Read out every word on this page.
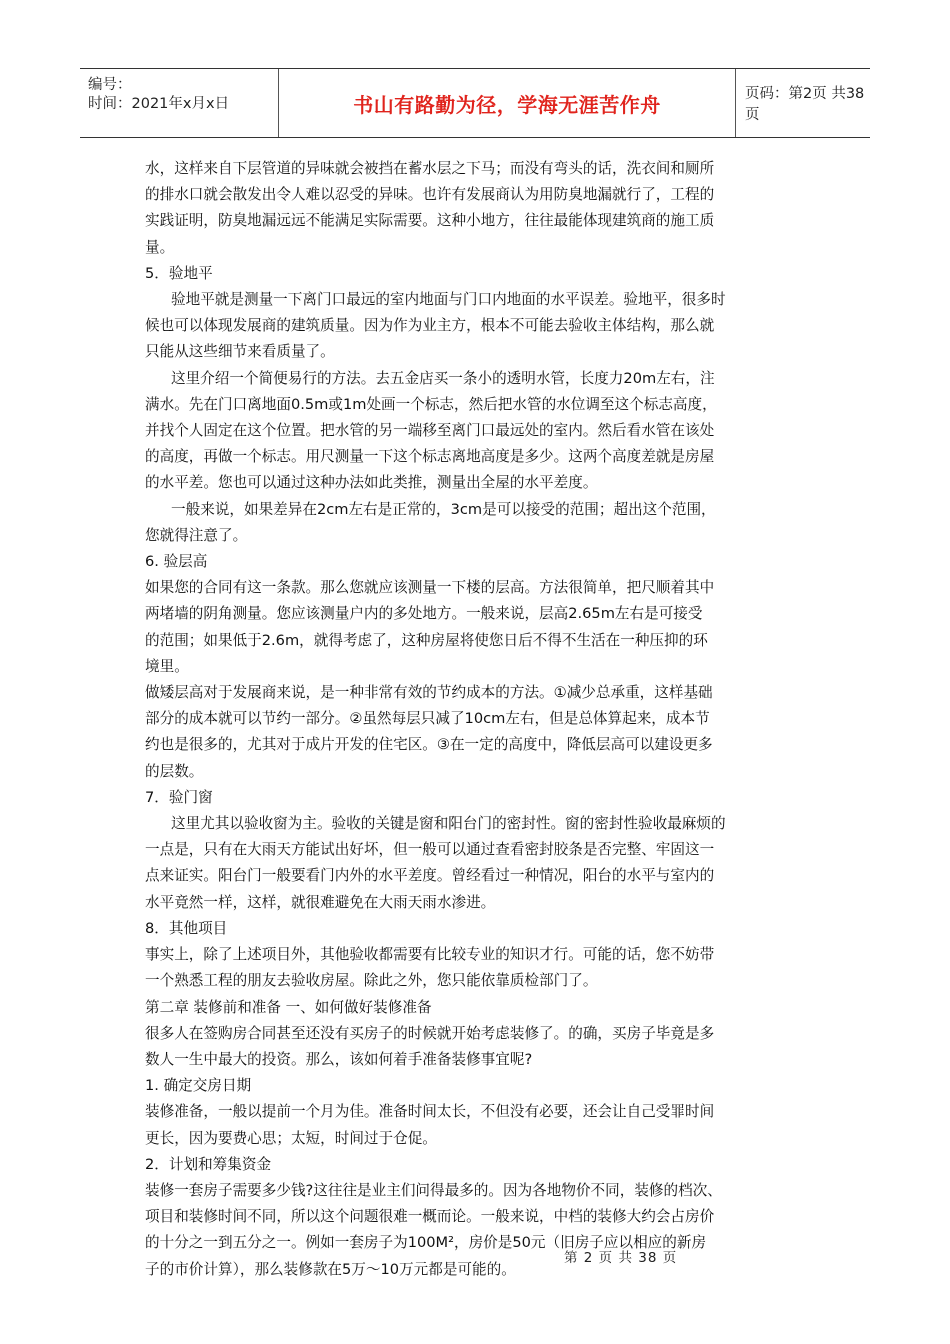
编号：
时间：2021年x月x日	书山有路勤为径，学海无涯苦作舟	页码：第2页 共38页
水，这样来自下层管道的异味就会被挡在蓄水层之下马；而没有弯头的话，洗衣间和厕所
的排水口就会散发出令人难以忍受的异味。也许有发展商认为用防臭地漏就行了，工程的
实践证明，防臭地漏远远不能满足实际需要。这种小地方，往往最能体现建筑商的施工质
量。
5．验地平
验地平就是测量一下离门口最远的室内地面与门口内地面的水平误差。验地平，很多时
候也可以体现发展商的建筑质量。因为作为业主方，根本不可能去验收主体结构，那么就
只能从这些细节来看质量了。
这里介绍一个简便易行的方法。去五金店买一条小的透明水管，长度力20m左右，注
满水。先在门口离地面0.5m或1m处画一个标志，然后把水管的水位调至这个标志高度，
并找个人固定在这个位置。把水管的另一端移至离门口最远处的室内。然后看水管在该处
的高度，再做一个标志。用尺测量一下这个标志离地高度是多少。这两个高度差就是房屋
的水平差。您也可以通过这种办法如此类推，测量出全屋的水平差度。
一般来说，如果差异在2cm左右是正常的，3cm是可以接受的范围；超出这个范围，
您就得注意了。
6. 验层高
如果您的合同有这一条款。那么您就应该测量一下楼的层高。方法很简单，把尺顺着其中
两堵墙的阴角测量。您应该测量户内的多处地方。一般来说，层高2.65m左右是可接受
的范围；如果低于2.6m，就得考虑了，这种房屋将使您日后不得不生活在一种压抑的环
境里。
做矮层高对于发展商来说，是一种非常有效的节约成本的方法。①减少总承重，这样基础
部分的成本就可以节约一部分。②虽然每层只减了10cm左右，但是总体算起来，成本节
约也是很多的，尤其对于成片开发的住宅区。③在一定的高度中，降低层高可以建设更多
的层数。
7．验门窗
这里尤其以验收窗为主。验收的关键是窗和阳台门的密封性。窗的密封性验收最麻烦的
一点是，只有在大雨天方能试出好坏，但一般可以通过查看密封胶条是否完整、牢固这一
点来证实。阳台门一般要看门内外的水平差度。曾经看过一种情况，阳台的水平与室内的
水平竟然一样，这样，就很难避免在大雨天雨水渗进。
8．其他项目
事实上，除了上述项目外，其他验收都需要有比较专业的知识才行。可能的话，您不妨带
一个熟悉工程的朋友去验收房屋。除此之外，您只能依靠质检部门了。
第二章 装修前和准备 一、如何做好装修准备
很多人在签购房合同甚至还没有买房子的时候就开始考虑装修了。的确，买房子毕竟是多
数人一生中最大的投资。那么，该如何着手准备装修事宜呢?
1. 确定交房日期
装修准备，一般以提前一个月为佳。准备时间太长，不但没有必要，还会让自己受罪时间
更长，因为要费心思；太短，时间过于仓促。
2．计划和筹集资金
装修一套房子需要多少钱?这往往是业主们问得最多的。因为各地物价不同，装修的档次、
项目和装修时间不同，所以这个问题很难一概而论。一般来说，中档的装修大约会占房价
的十分之一到五分之一。例如一套房子为100M²，房价是50元（旧房子应以相应的新房
子的市价计算），那么装修款在5万～10万元都是可能的。
第 2 页 共 38 页
